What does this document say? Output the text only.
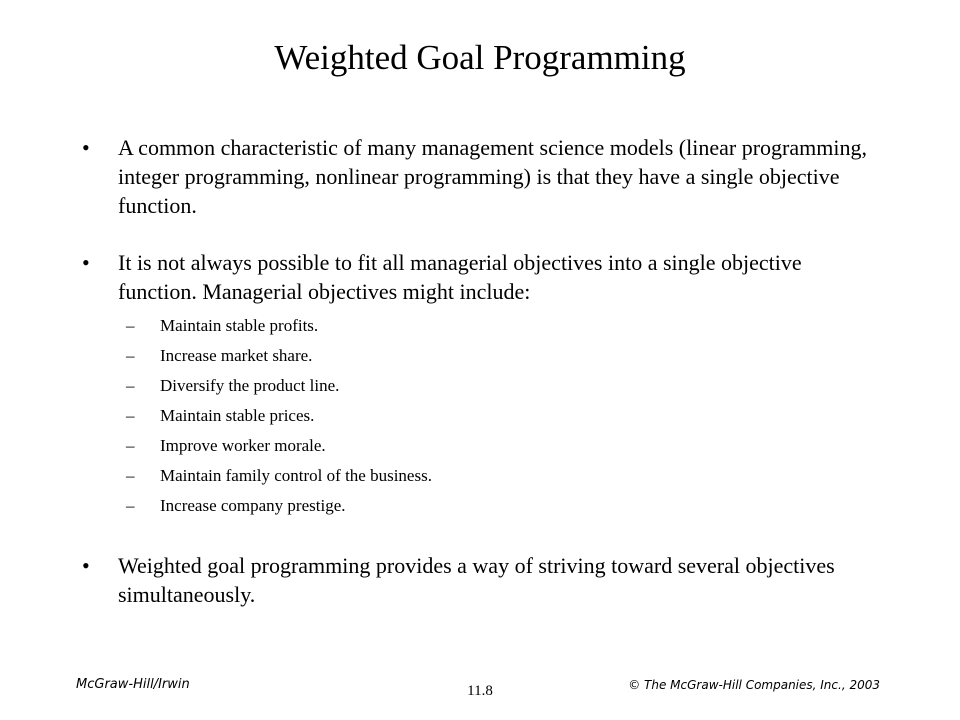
Weighted Goal Programming
• A common characteristic of many management science models (linear programming, integer programming, nonlinear programming) is that they have a single objective function.
• It is not always possible to fit all managerial objectives into a single objective function. Managerial objectives might include:
– Maintain stable profits.
– Increase market share.
– Diversify the product line.
– Maintain stable prices.
– Improve worker morale.
– Maintain family control of the business.
– Increase company prestige.
• Weighted goal programming provides a way of striving toward several objectives simultaneously.
McGraw-Hill/Irwin	11.8	© The McGraw-Hill Companies, Inc., 2003
